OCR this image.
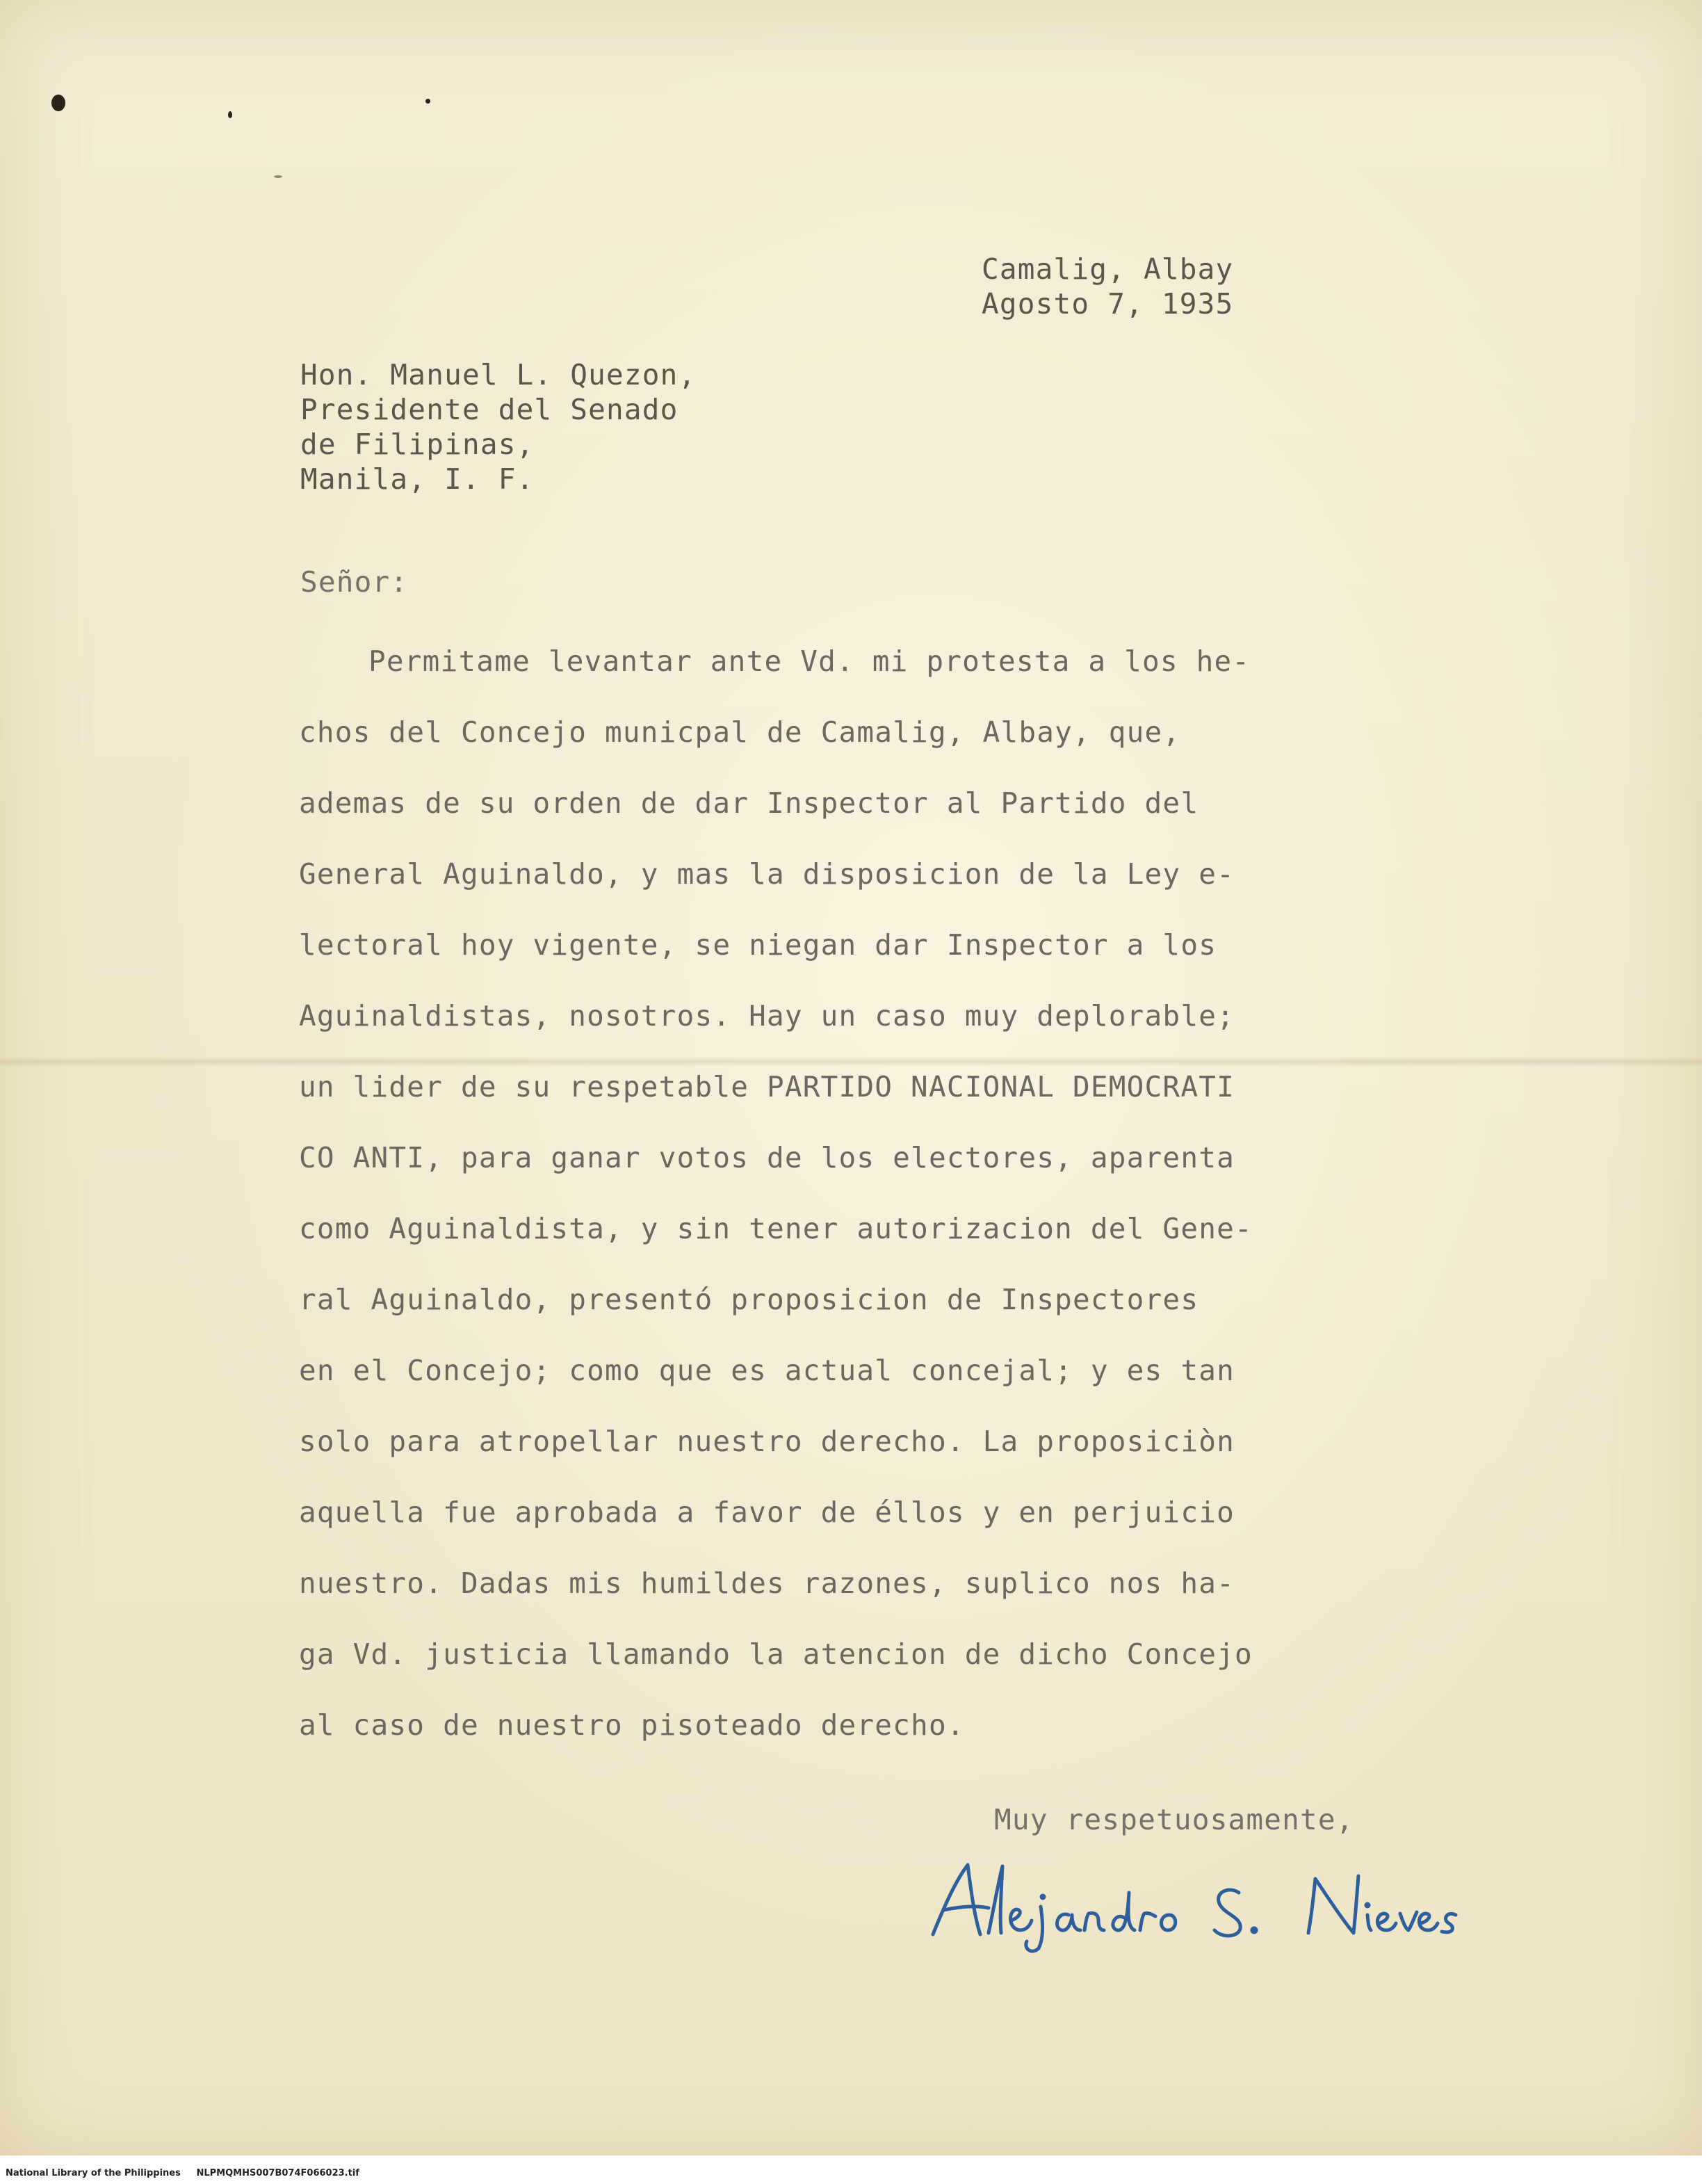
Camalig, Albay

Agosto 7, 1935

Hon. Manuel L. Quezon,

Presidente del Senado

de Filipinas,

Manila, I. F.

Señor:

Permitame levantar ante Vd. mi protesta a los he-

chos del Concejo municpal de Camalig, Albay, que,

ademas de su orden de dar Inspector al Partido del

General Aguinaldo, y mas la disposicion de la Ley e-

lectoral hoy vigente, se niegan dar Inspector a los

Aguinaldistas, nosotros. Hay un caso muy deplorable;

un lider de su respetable PARTIDO NACIONAL DEMOCRATI

CO ANTI, para ganar votos de los electores, aparenta

como Aguinaldista, y sin tener autorizacion del Gene-

ral Aguinaldo, presentó proposicion de Inspectores

en el Concejo; como que es actual concejal; y es tan

solo para atropellar nuestro derecho. La proposiciòn

aquella fue aprobada a favor de éllos y en perjuicio

nuestro. Dadas mis humildes razones, suplico nos ha-

ga Vd. justicia llamando la atencion de dicho Concejo

al caso de nuestro pisoteado derecho.

Muy respetuosamente,

National Library of the Philippines     NLPMQMHS007B074F066023.tif
